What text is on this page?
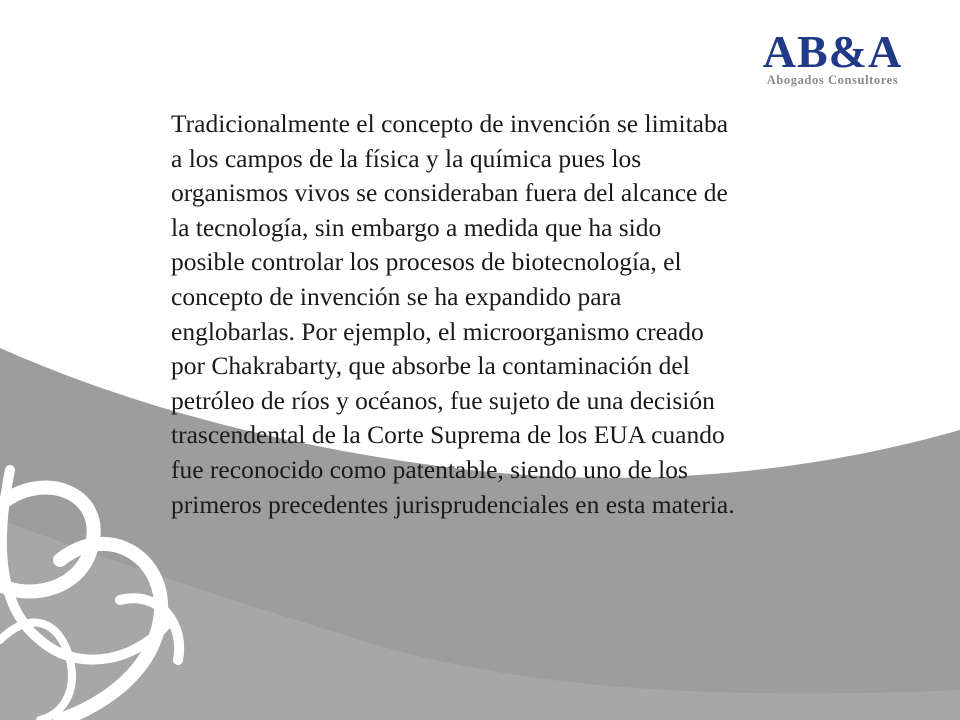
AB&A
Abogados Consultores

Tradicionalmente el concepto de invención se limitaba
a los campos de la física y la química pues los
organismos vivos se consideraban fuera del alcance de
la tecnología, sin embargo a medida que ha sido
posible controlar los procesos de biotecnología, el
concepto de invención se ha expandido para
englobarlas. Por ejemplo, el microorganismo creado
por Chakrabarty, que absorbe la contaminación del
petróleo de ríos y océanos, fue sujeto de una decisión
trascendental de la Corte Suprema de los EUA cuando
fue reconocido como patentable, siendo uno de los
primeros precedentes jurisprudenciales en esta materia.
